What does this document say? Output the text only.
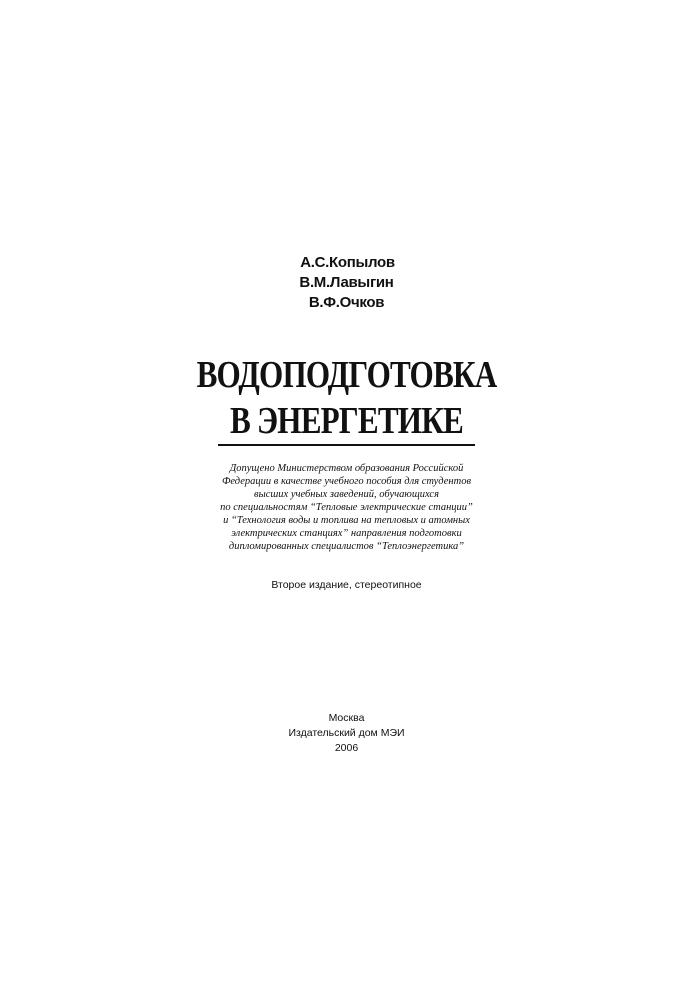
А.С.Копылов
В.М.Лавыгин
В.Ф.Очков
ВОДОПОДГОТОВКА
В ЭНЕРГЕТИКЕ
Допущено Министерством образования Российской
Федерации в качестве учебного пособия для студентов
высших учебных заведений, обучающихся
по специальностям “Тепловые электрические станции”
и “Технология воды и топлива на тепловых и атомных
электрических станциях” направления подготовки
дипломированных специалистов “Теплоэнергетика”
Второе издание, стереотипное
Москва
Издательский дом МЭИ
2006
